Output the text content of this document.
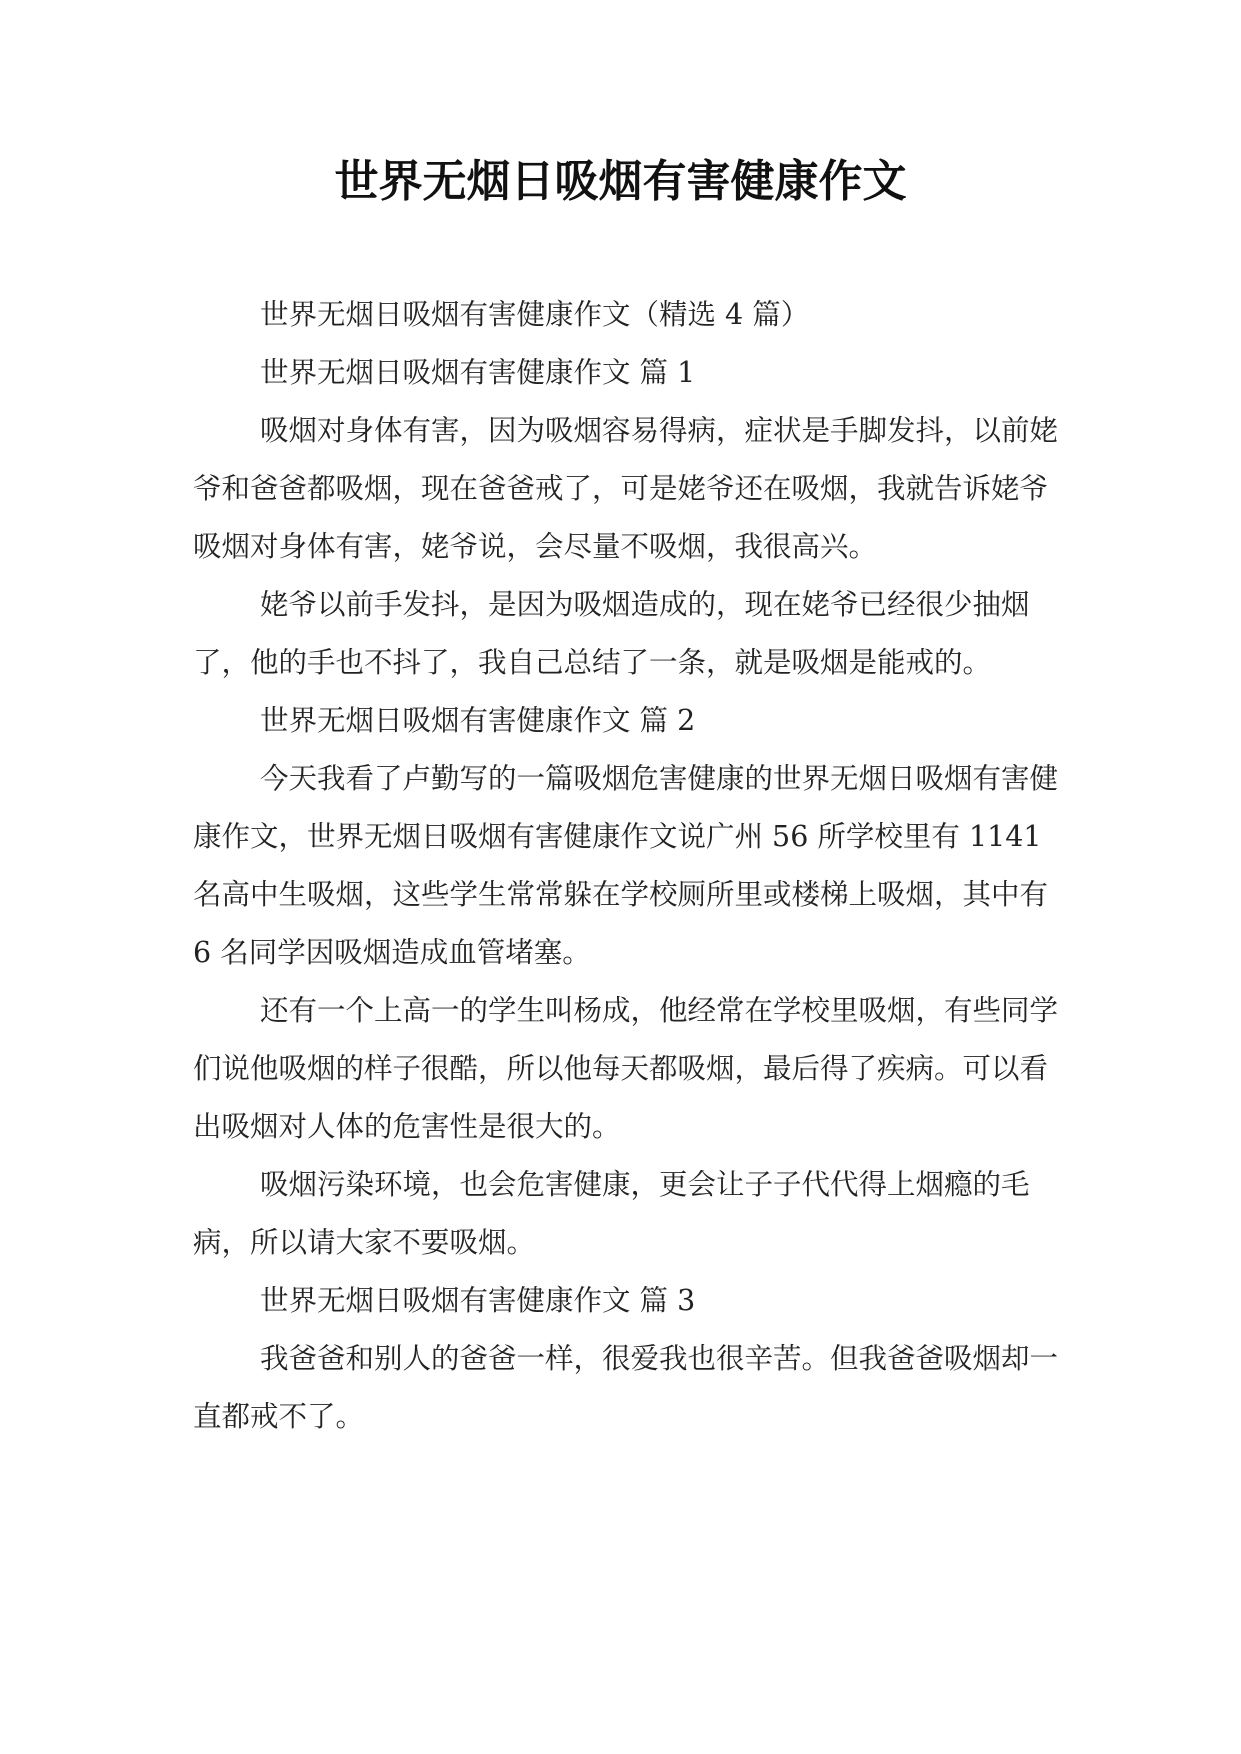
世界无烟日吸烟有害健康作文

世界无烟日吸烟有害健康作文（精选 4 篇）

世界无烟日吸烟有害健康作文 篇 1

吸烟对身体有害，因为吸烟容易得病，症状是手脚发抖，以前姥爷和爸爸都吸烟，现在爸爸戒了，可是姥爷还在吸烟，我就告诉姥爷吸烟对身体有害，姥爷说，会尽量不吸烟，我很高兴。

姥爷以前手发抖，是因为吸烟造成的，现在姥爷已经很少抽烟了，他的手也不抖了，我自己总结了一条，就是吸烟是能戒的。

世界无烟日吸烟有害健康作文 篇 2

今天我看了卢勤写的一篇吸烟危害健康的世界无烟日吸烟有害健康作文，世界无烟日吸烟有害健康作文说广州 56 所学校里有 1141 名高中生吸烟，这些学生常常躲在学校厕所里或楼梯上吸烟，其中有 6 名同学因吸烟造成血管堵塞。

还有一个上高一的学生叫杨成，他经常在学校里吸烟，有些同学们说他吸烟的样子很酷，所以他每天都吸烟，最后得了疾病。可以看出吸烟对人体的危害性是很大的。

吸烟污染环境，也会危害健康，更会让子子代代得上烟瘾的毛病，所以请大家不要吸烟。

世界无烟日吸烟有害健康作文 篇 3

我爸爸和别人的爸爸一样，很爱我也很辛苦。但我爸爸吸烟却一直都戒不了。
